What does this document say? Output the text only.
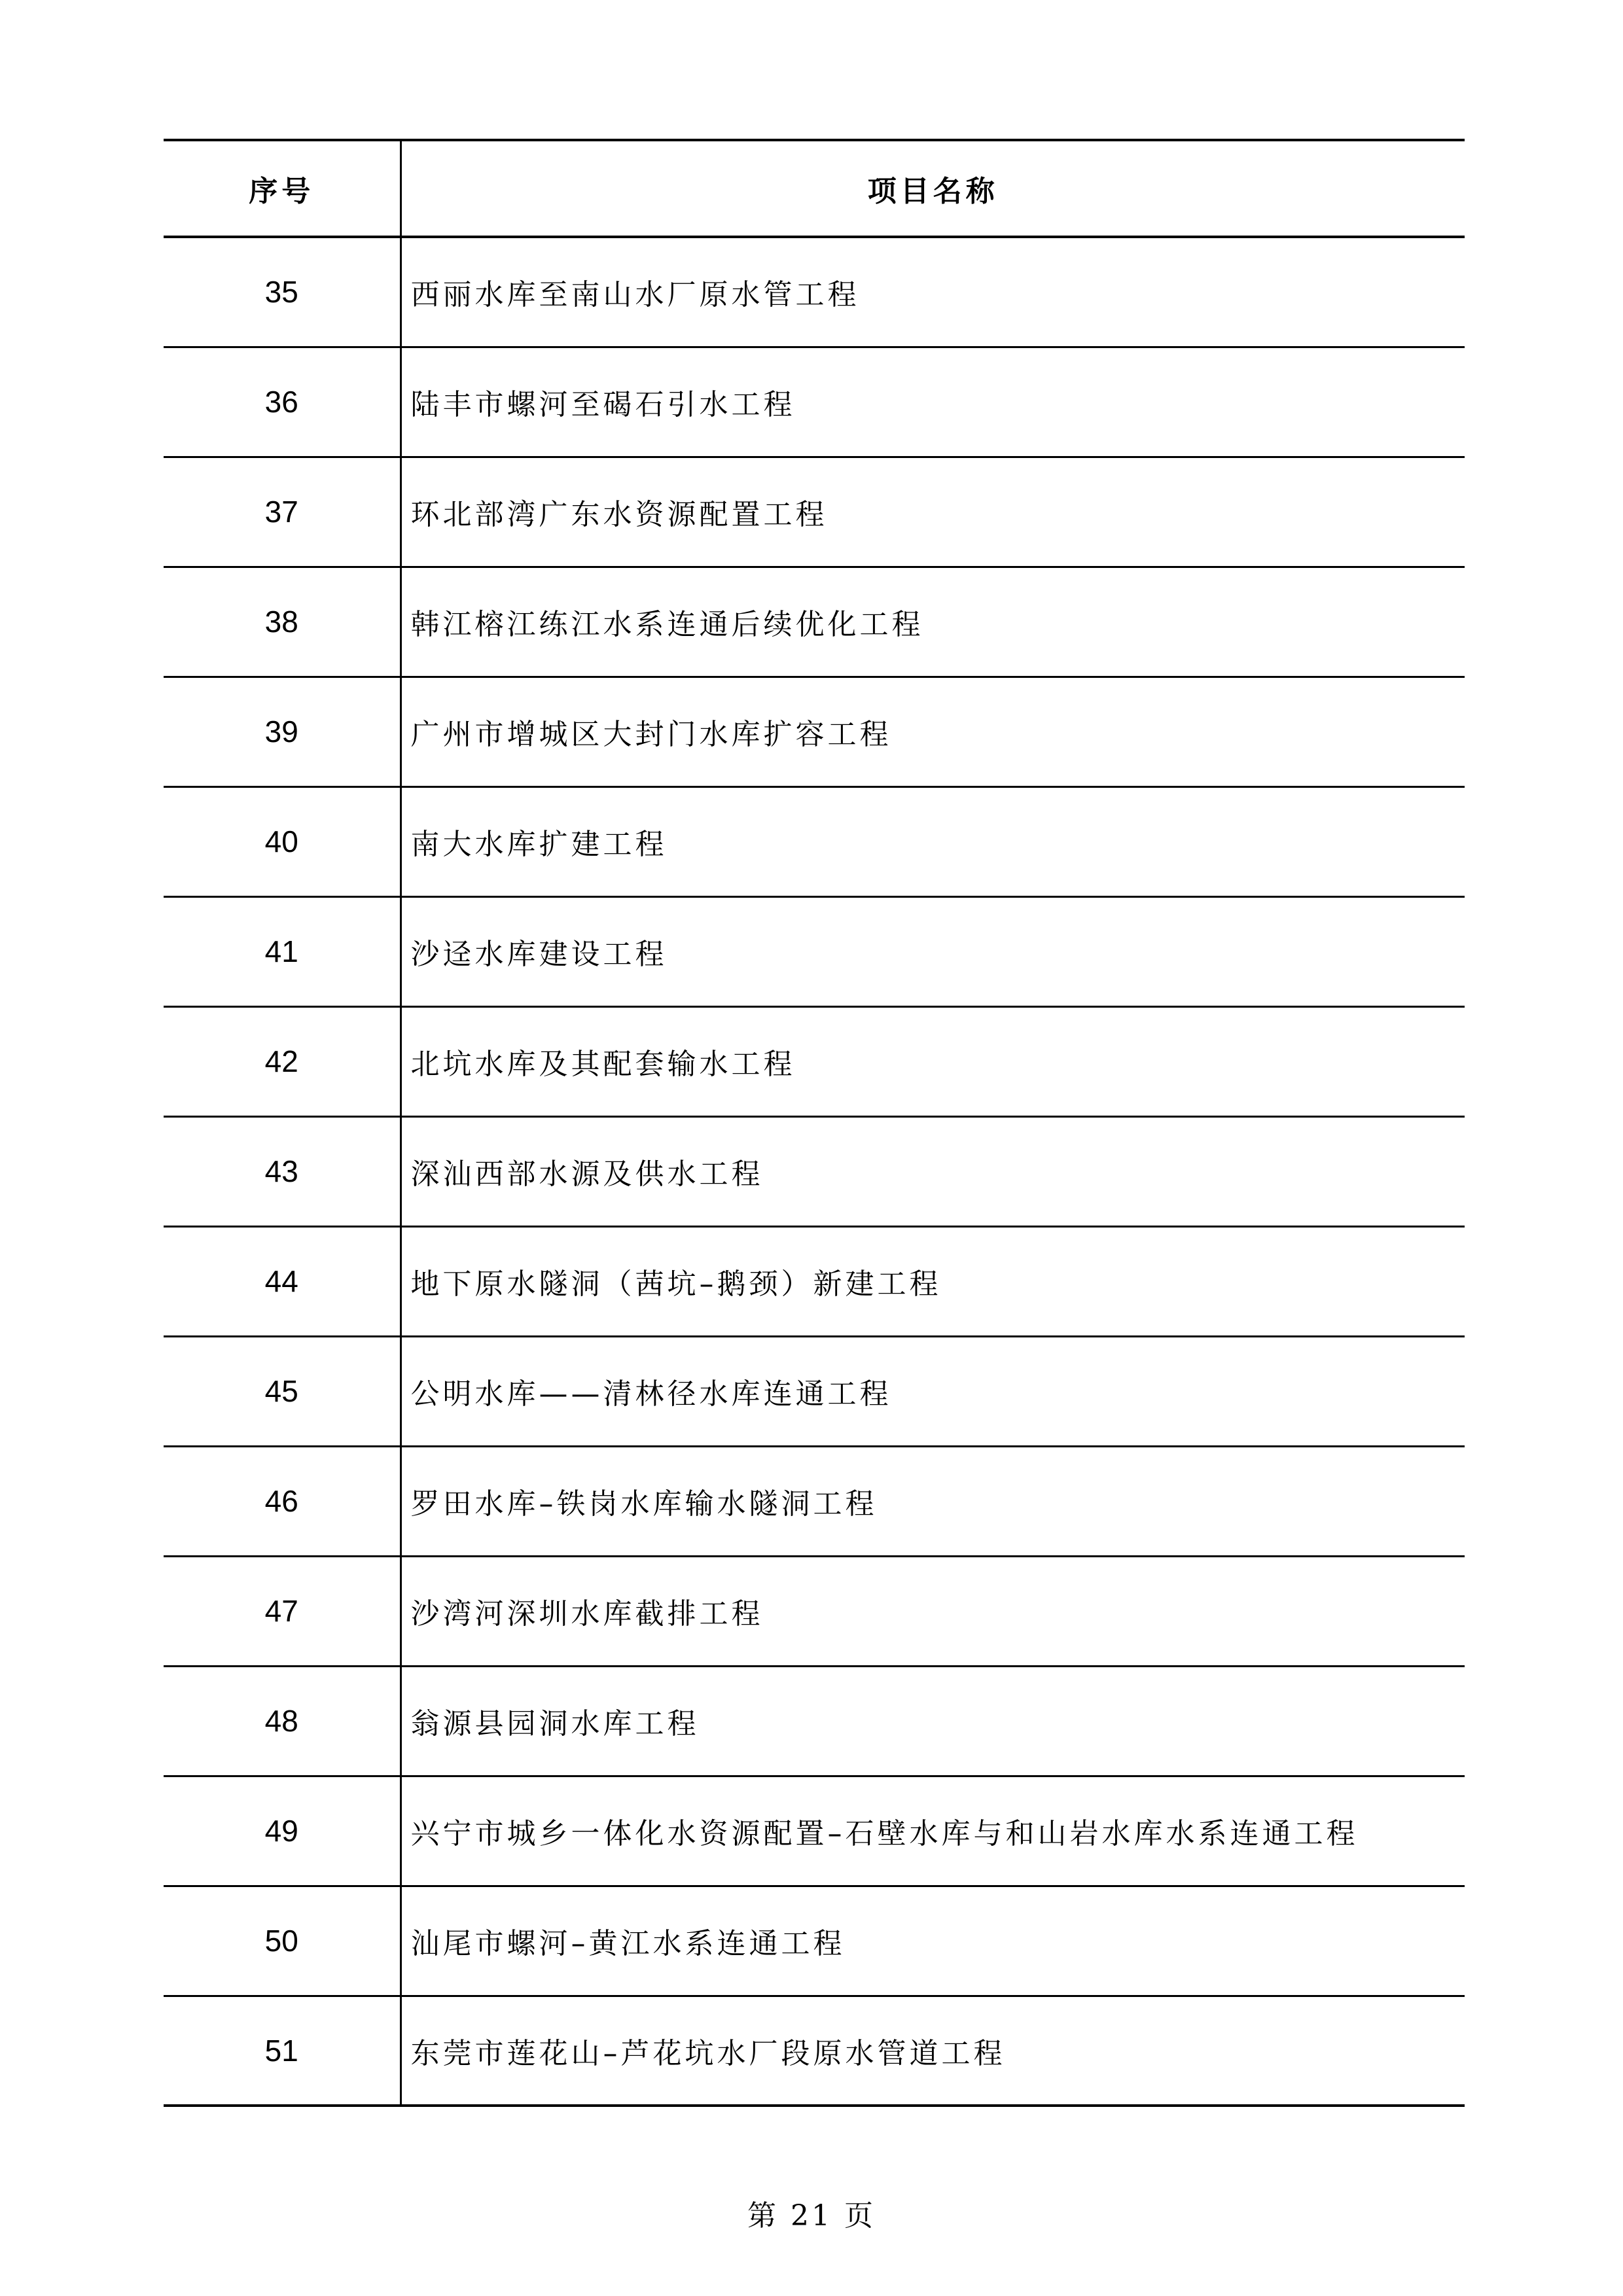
序号	项目名称
35	西丽水库至南山水厂原水管工程
36	陆丰市螺河至碣石引水工程
37	环北部湾广东水资源配置工程
38	韩江榕江练江水系连通后续优化工程
39	广州市增城区大封门水库扩容工程
40	南大水库扩建工程
41	沙迳水库建设工程
42	北坑水库及其配套输水工程
43	深汕西部水源及供水工程
44	地下原水隧洞（茜坑–鹅颈）新建工程
45	公明水库——清林径水库连通工程
46	罗田水库–铁岗水库输水隧洞工程
47	沙湾河深圳水库截排工程
48	翁源县园洞水库工程
49	兴宁市城乡一体化水资源配置–石壁水库与和山岩水库水系连通工程
50	汕尾市螺河–黄江水系连通工程
51	东莞市莲花山–芦花坑水厂段原水管道工程
第 21 页
